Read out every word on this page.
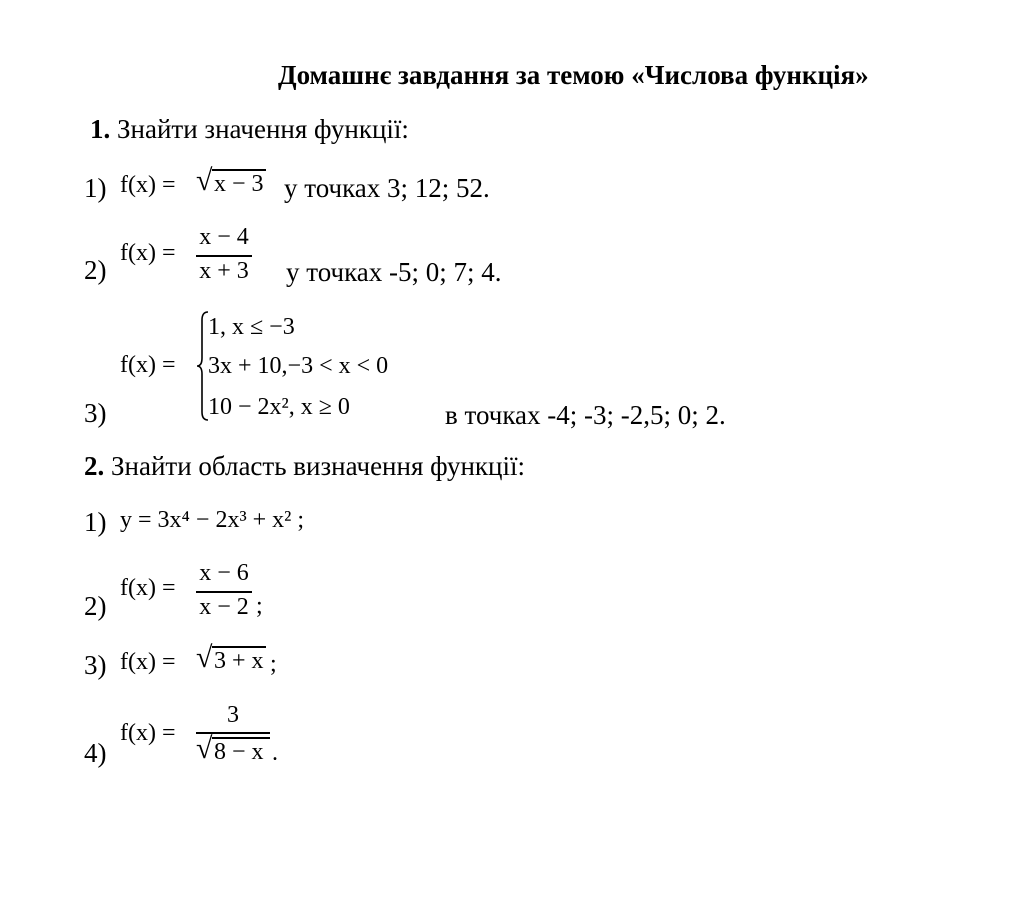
Домашнє завдання за темою «Числова функція»
1. Знайти значення функції:
1) f(x) = √ x − 3 у точках 3; 12; 52.
2)
f(x) =
x − 4
x + 3 у точках -5; 0; 7; 4.
3)
f(x) =
1, x ≤ −3
3x + 10,−3 < x < 0
10 − 2x², x ≥ 0	в точках -4; -3; -2,5; 0; 2.
2. Знайти область визначення функції:
1) y = 3x⁴ − 2x³ + x² ;
2)
f(x) =
x − 6
x − 2 ;
3) f(x) = √ 3 + x ;
4)
f(x) =
3
√ 8 − x .
